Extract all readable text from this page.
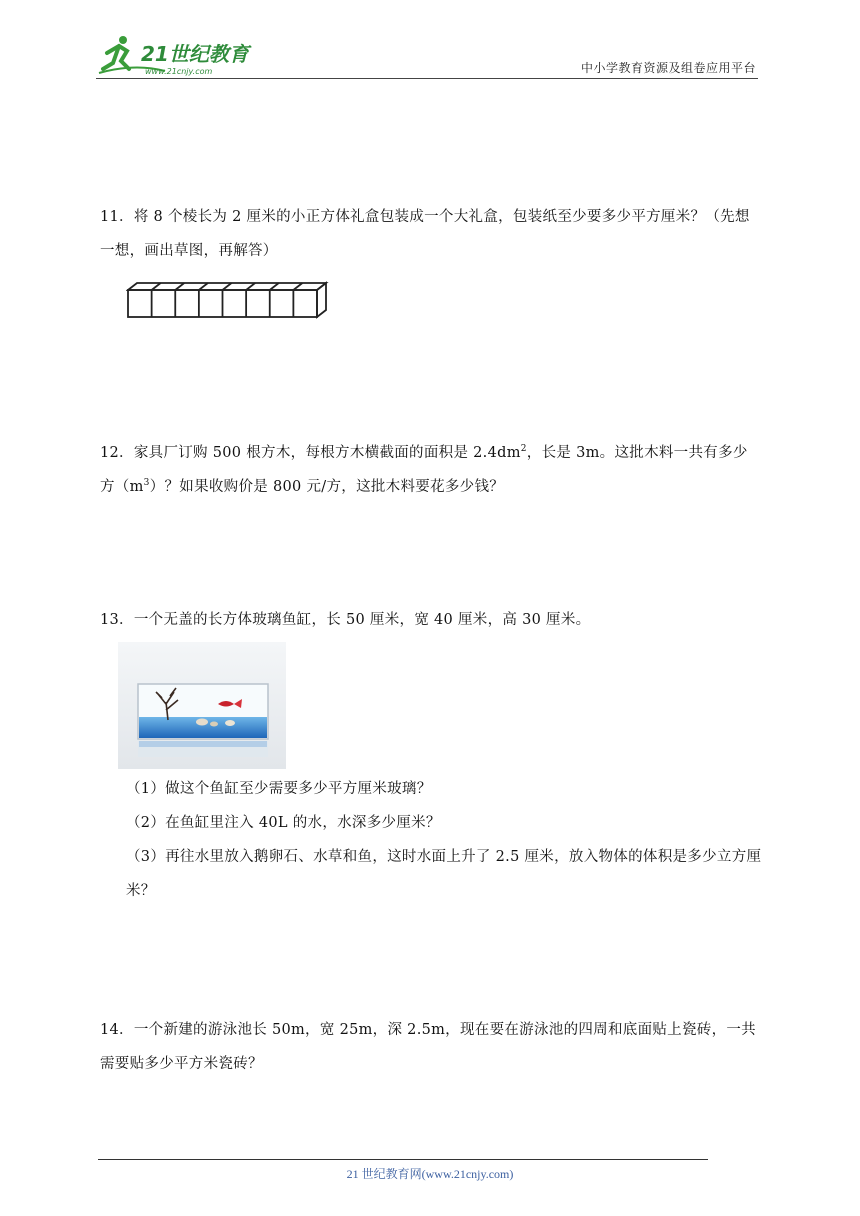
21世纪教育
www.21cnjy.com	中小学教育资源及组卷应用平台

11．将 8 个棱长为 2 厘米的小正方体礼盒包装成一个大礼盒，包装纸至少要多少平方厘米？（先想一想，画出草图，再解答）

12．家具厂订购 500 根方木，每根方木横截面的面积是 $2.4dm^2$，长是 3m。这批木料一共有多少方$(m^3)$？如果收购价是 800 元/方，这批木料要花多少钱？

13．一个无盖的长方体玻璃鱼缸，长 50 厘米，宽 40 厘米，高 30 厘米。

（1）做这个鱼缸至少需要多少平方厘米玻璃？
（2）在鱼缸里注入 40L 的水，水深多少厘米？
（3）再往水里放入鹅卵石、水草和鱼，这时水面上升了 2.5 厘米，放入物体的体积是多少立方厘米？

14．一个新建的游泳池长 50m，宽 25m，深 2.5m，现在要在游泳池的四周和底面贴上瓷砖，一共需要贴多少平方米瓷砖？

21 世纪教育网(www.21cnjy.com)
